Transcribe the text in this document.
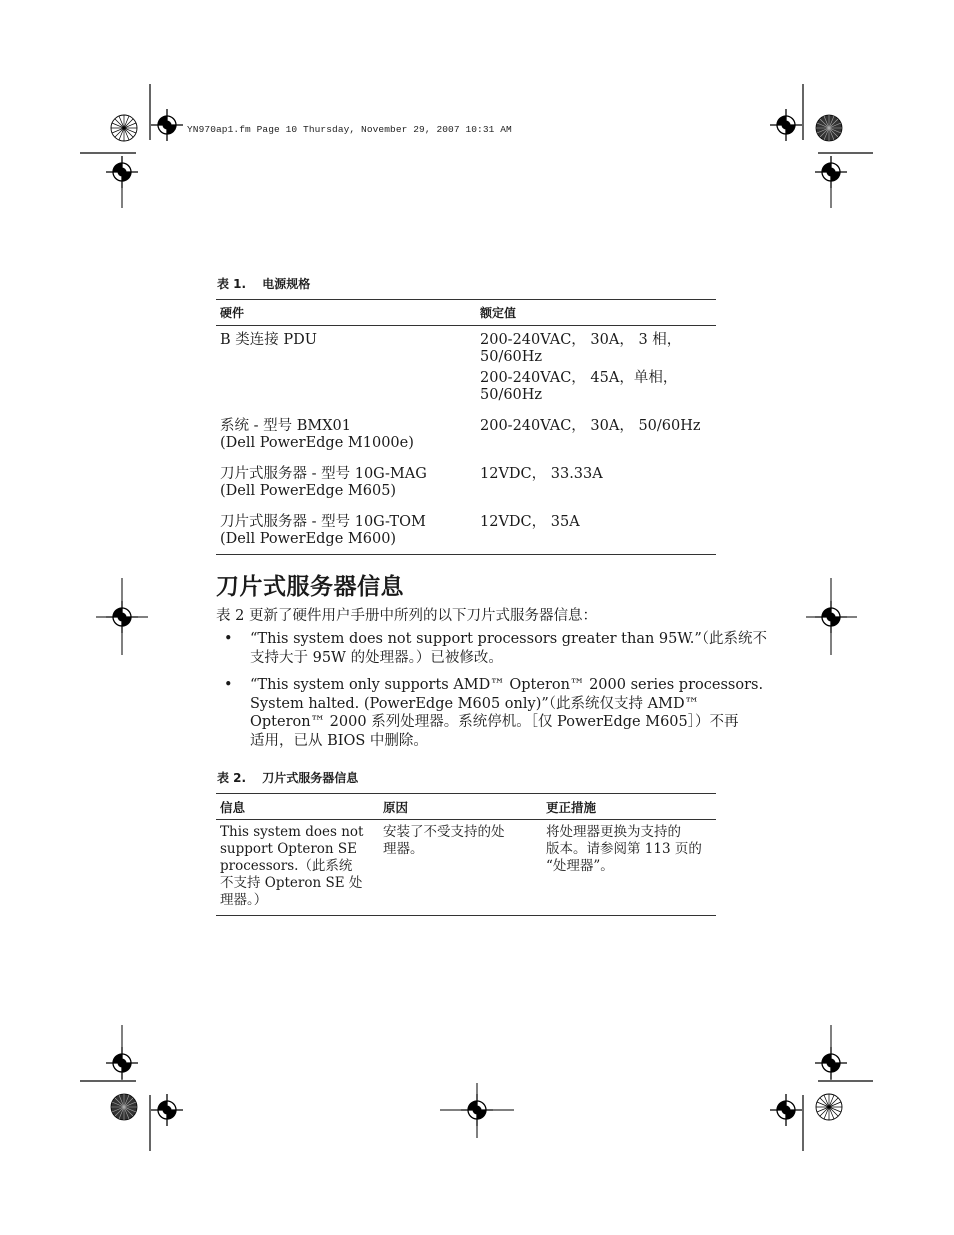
YN970ap1.fm Page 10 Thursday, November 29, 2007 10:31 AM
表 1. 电源规格
硬件	额定值

B 类连接 PDU	200-240VAC， 30A， 3 相，
50/60Hz
200-240VAC， 45A，单相，
50/60Hz

系统 - 型号 BMX01
(Dell PowerEdge M1000e)	200-240VAC， 30A， 50/60Hz

刀片式服务器 - 型号 10G-MAG
(Dell PowerEdge M605)	12VDC， 33.33A

刀片式服务器 - 型号 10G-TOM
(Dell PowerEdge M600)	12VDC， 35A
刀片式服务器信息

表 2 更新了硬件用户手册中所列的以下刀片式服务器信息：

• “This system does not support processors greater than 95W.”（此系统不
支持大于 95W 的处理器。）已被修改。
• “This system only supports AMD™ Opteron™ 2000 series processors.
System halted. (PowerEdge M605 only)”（此系统仅支持 AMD™
Opteron™ 2000 系列处理器。系统停机。［仅 PowerEdge M605］）不再
适用，已从 BIOS 中删除。
表 2. 刀片式服务器信息
信息	原因	更正措施

This system does not
support Opteron SE
processors.（此系统
不支持 Opteron SE 处
理器。）	安装了不受支持的处
理器。	将处理器更换为支持的
版本。请参阅第 113 页的
“处理器”。
